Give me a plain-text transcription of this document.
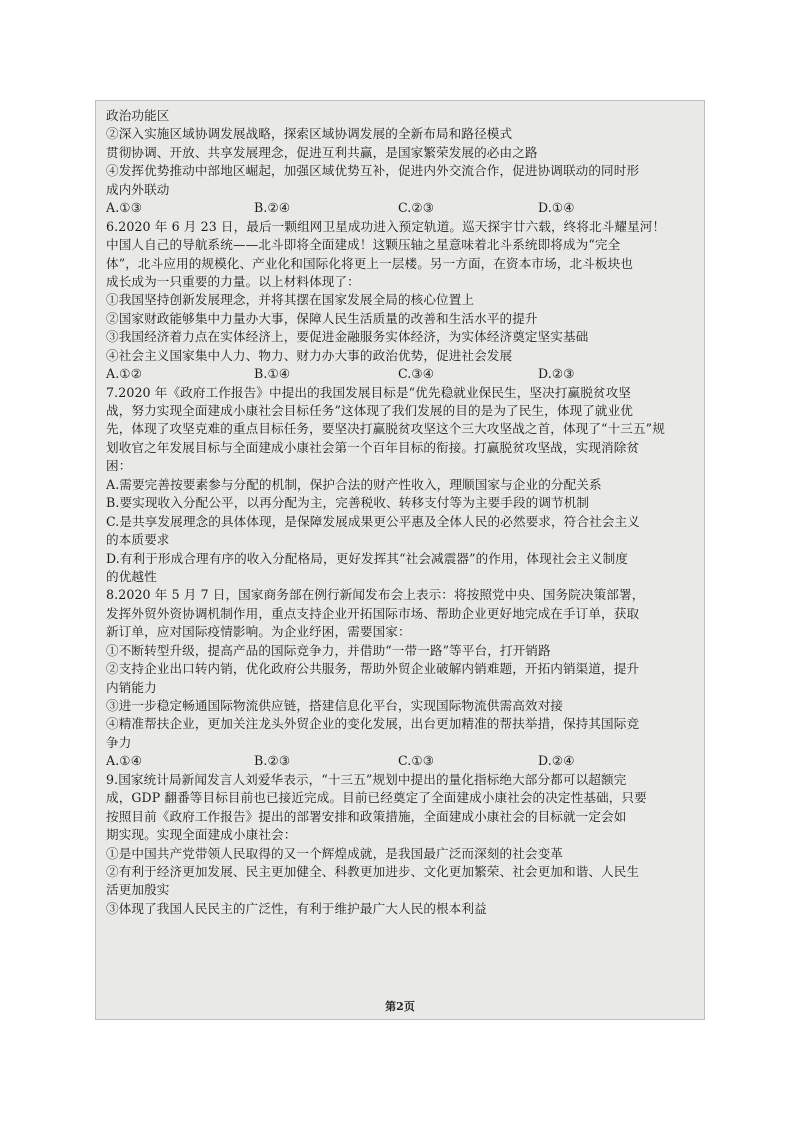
政治功能区
②深入实施区域协调发展战略，探索区域协调发展的全新布局和路径模式
贯彻协调、开放、共享发展理念，促进互利共赢，是国家繁荣发展的必由之路
④发挥优势推动中部地区崛起，加强区域优势互补，促进内外交流合作，促进协调联动的同时形
成内外联动
A.①③	B.②④	C.②③	D.①④
6.2020 年 6 月 23 日，最后一颗组网卫星成功进入预定轨道。巡天探宇廿六载，终将北斗耀星河！
中国人自己的导航系统——北斗即将全面建成！这颗压轴之星意味着北斗系统即将成为“完全
体”，北斗应用的规模化、产业化和国际化将更上一层楼。另一方面，在资本市场，北斗板块也
成长成为一只重要的力量。以上材料体现了：
①我国坚持创新发展理念，并将其摆在国家发展全局的核心位置上
②国家财政能够集中力量办大事，保障人民生活质量的改善和生活水平的提升
③我国经济着力点在实体经济上，要促进金融服务实体经济，为实体经济奠定坚实基础
④社会主义国家集中人力、物力、财力办大事的政治优势，促进社会发展
A.①②	B.①④	C.③④	D.②③
7.2020 年《政府工作报告》中提出的我国发展目标是“优先稳就业保民生，坚决打赢脱贫攻坚
战，努力实现全面建成小康社会目标任务”这体现了我们发展的目的是为了民生，体现了就业优
先，体现了攻坚克难的重点目标任务，要坚决打赢脱贫攻坚这个三大攻坚战之首，体现了“十三五”规
划收官之年发展目标与全面建成小康社会第一个百年目标的衔接。打赢脱贫攻坚战，实现消除贫
困：
A.需要完善按要素参与分配的机制，保护合法的财产性收入，理顺国家与企业的分配关系
B.要实现收入分配公平，以再分配为主，完善税收、转移支付等为主要手段的调节机制
C.是共享发展理念的具体体现，是保障发展成果更公平惠及全体人民的必然要求，符合社会主义
的本质要求
D.有利于形成合理有序的收入分配格局，更好发挥其“社会减震器”的作用，体现社会主义制度
的优越性
8.2020 年 5 月 7 日，国家商务部在例行新闻发布会上表示：将按照党中央、国务院决策部署，
发挥外贸外资协调机制作用，重点支持企业开拓国际市场、帮助企业更好地完成在手订单，获取
新订单，应对国际疫情影响。为企业纾困，需要国家：
①不断转型升级，提高产品的国际竞争力，并借助“一带一路”等平台，打开销路
②支持企业出口转内销，优化政府公共服务，帮助外贸企业破解内销难题，开拓内销渠道，提升
内销能力
③进一步稳定畅通国际物流供应链，搭建信息化平台，实现国际物流供需高效对接
④精准帮扶企业，更加关注龙头外贸企业的变化发展，出台更加精准的帮扶举措，保持其国际竞
争力
A.①④	B.②③	C.①③	D.②④
9.国家统计局新闻发言人刘爱华表示，“十三五”规划中提出的量化指标绝大部分都可以超额完
成，GDP 翻番等目标目前也已接近完成。目前已经奠定了全面建成小康社会的决定性基础，只要
按照目前《政府工作报告》提出的部署安排和政策措施，全面建成小康社会的目标就一定会如
期实现。实现全面建成小康社会：
①是中国共产党带领人民取得的又一个辉煌成就，是我国最广泛而深刻的社会变革
②有利于经济更加发展、民主更加健全、科教更加进步、文化更加繁荣、社会更加和谐、人民生
活更加殷实
③体现了我国人民民主的广泛性，有利于维护最广大人民的根本利益
第2页
